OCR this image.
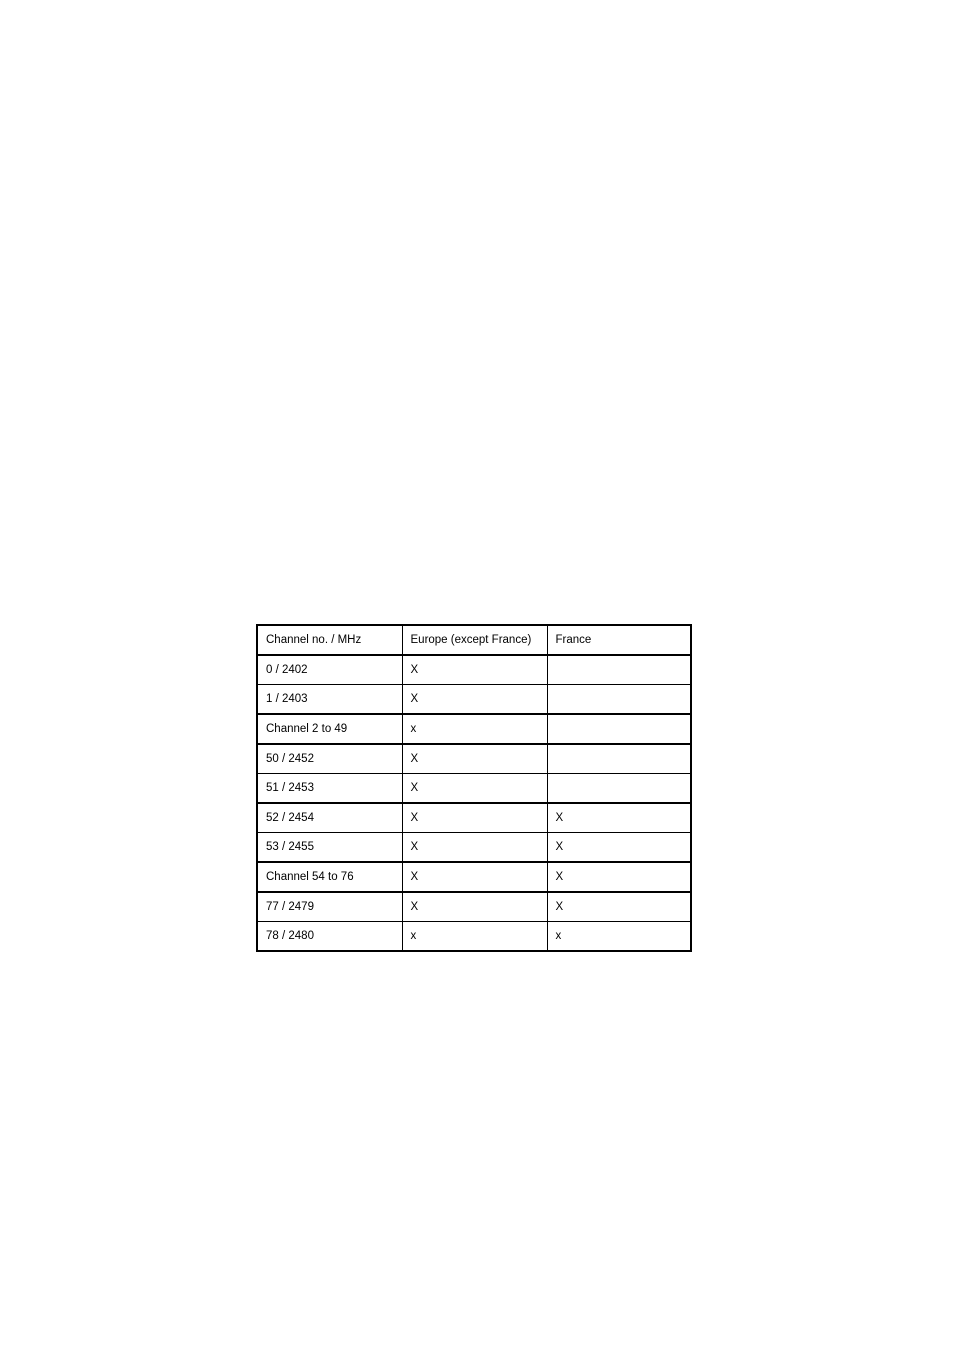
Channel no. / MHz	Europe (except France)	France
0 / 2402	X	
1 / 2403	X	
Channel 2 to 49	x	
50 / 2452	X	
51 / 2453	X	
52 / 2454	X	X
53 / 2455	X	X
Channel 54 to 76	X	X
77 / 2479	X	X
78 / 2480	x	x
